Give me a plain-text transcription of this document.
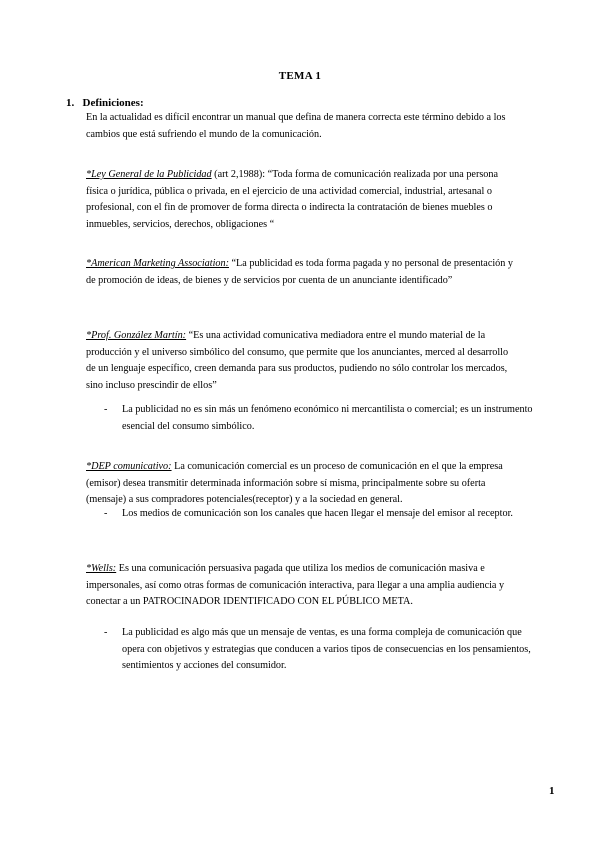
TEMA 1
1. Definiciones:
En la actualidad es difícil encontrar un manual que defina de manera correcta este término debido a los cambios que está sufriendo el mundo de la comunicación.
*Ley General de la Publicidad (art 2,1988): “Toda forma de comunicación realizada por una persona física o jurídica, pública o privada, en el ejercicio de una actividad comercial, industrial, artesanal o profesional, con el fin de promover de forma directa o indirecta la contratación de bienes muebles o inmuebles, servicios, derechos, obligaciones “
*American Marketing Association: “La publicidad es toda forma pagada y no personal de presentación y de promoción de ideas, de bienes y de servicios por cuenta de un anunciante identificado”
*Prof. González Martín: “Es una actividad comunicativa mediadora entre el mundo material de la producción y el universo simbólico del consumo, que permite que los anunciantes, merced al desarrollo de un lenguaje específico, creen demanda para sus productos, pudiendo no sólo controlar los mercados, sino incluso prescindir de ellos”
- La publicidad no es sin más un fenómeno económico ni mercantilista o comercial; es un instrumento esencial del consumo simbólico.
*DEP comunicativo: La comunicación comercial es un proceso de comunicación en el que la empresa (emisor) desea transmitir determinada información sobre sí misma, principalmente sobre su oferta (mensaje) a sus compradores potenciales(receptor) y a la sociedad en general.
- Los medios de comunicación son los canales que hacen llegar el mensaje del emisor al receptor.
*Wells: Es una comunicación persuasiva pagada que utiliza los medios de comunicación masiva e impersonales, así como otras formas de comunicación interactiva, para llegar a una amplia audiencia y conectar a un PATROCINADOR IDENTIFICADO CON EL PÚBLICO META.
- La publicidad es algo más que un mensaje de ventas, es una forma compleja de comunicación que opera con objetivos y estrategias que conducen a varios tipos de consecuencias en los pensamientos, sentimientos y acciones del consumidor.
1
